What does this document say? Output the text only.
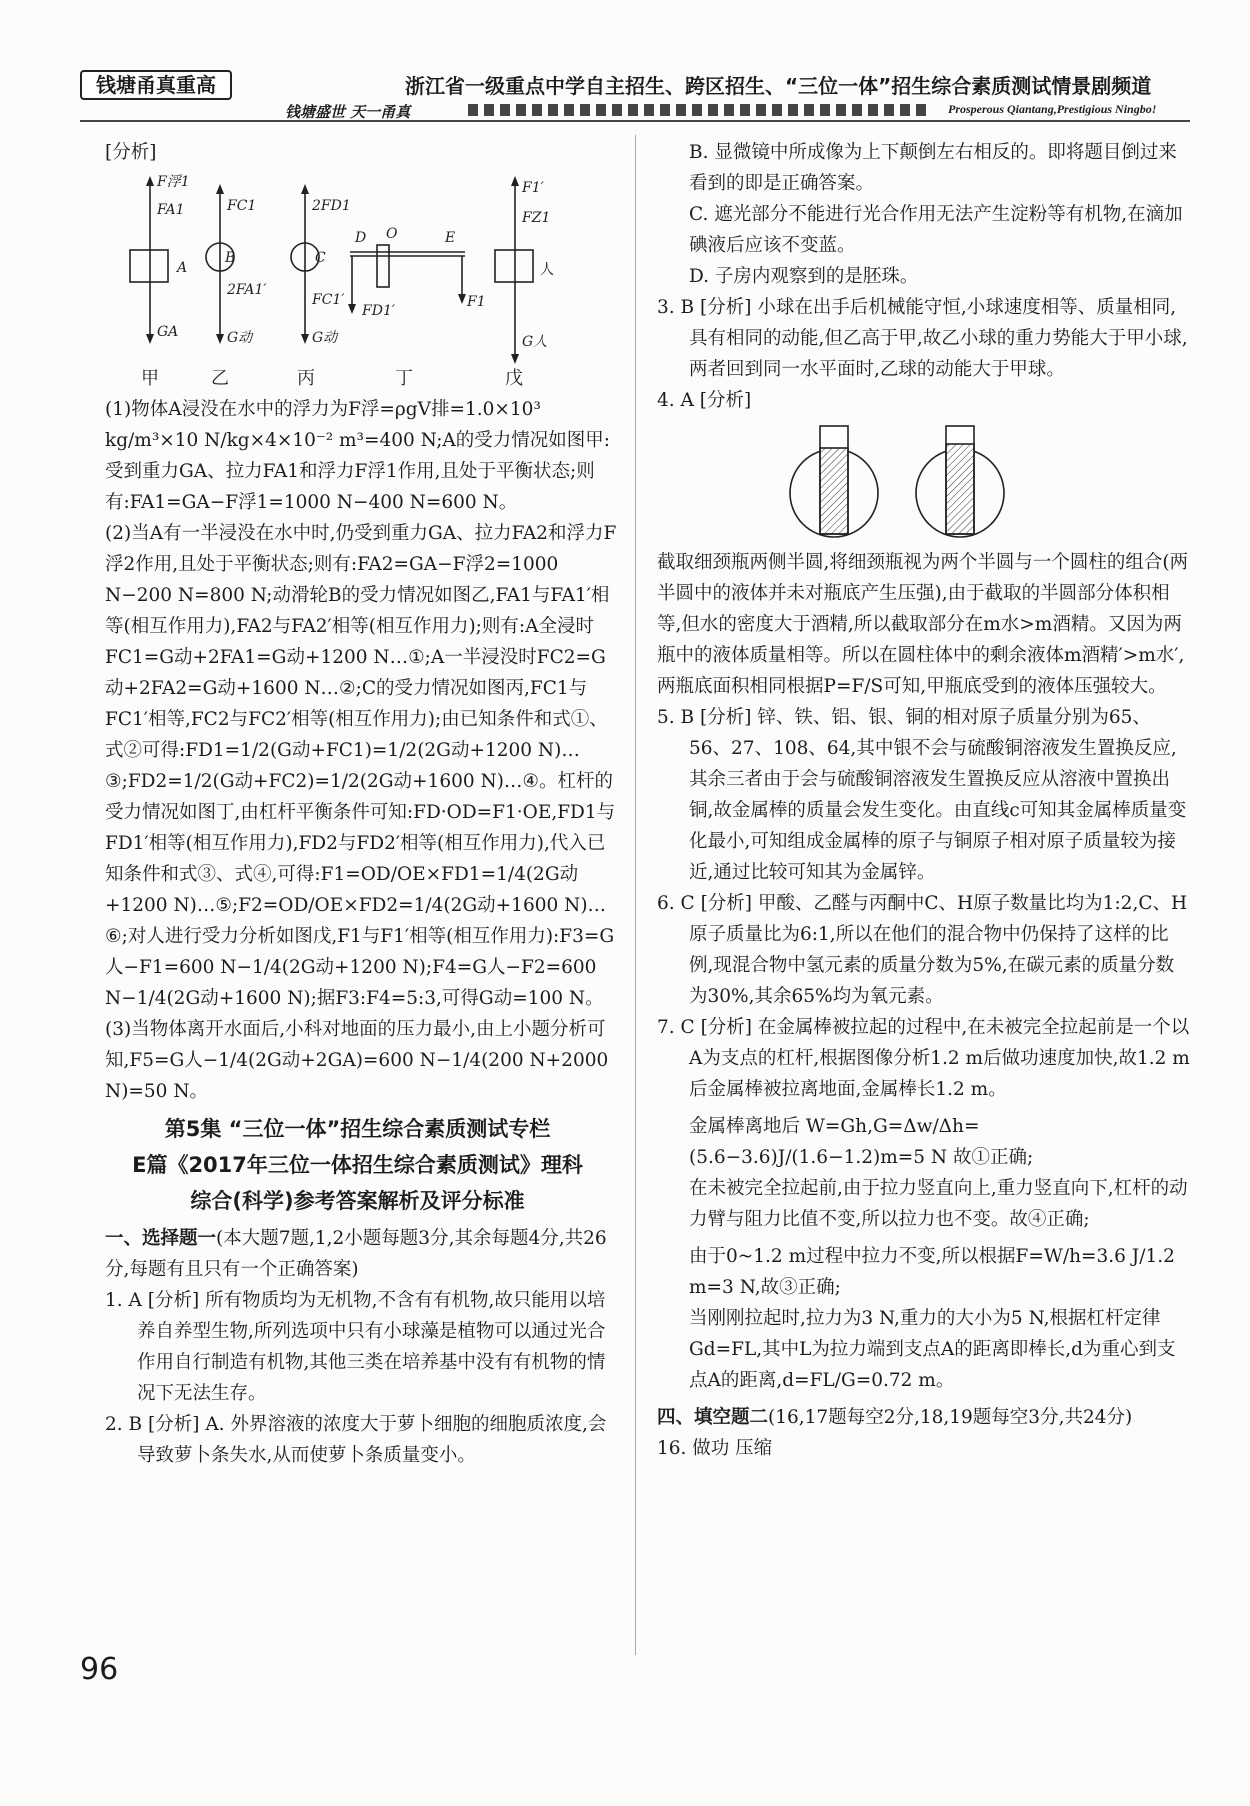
钱塘甬真重高	浙江省一级重点中学自主招生、跨区招生、“三位一体”招生综合素质测试情景剧频道
钱塘盛世 天一甬真	Prosperous Qiantang,Prestigious Ningbo!

[分析]

F浮1
FA1
A
GA
FC1
B
2FA1′
G动
2FD1
C
FC1′
G动
D O	E
FD1′
F1
F1′
FZ1
人
G人
甲	乙	丙	丁	戊

(1)物体A浸没在水中的浮力为F浮=ρgV排=1.0×10³ kg/m³×10 N/kg×4×10⁻² m³=400 N;A的受力情况如图甲:受到重力GA、拉力FA1和浮力F浮1作用,且处于平衡状态;则有:FA1=GA−F浮1=1000 N−400 N=600 N。

(2)当A有一半浸没在水中时,仍受到重力GA、拉力FA2和浮力F浮2作用,且处于平衡状态;则有:FA2=GA−F浮2=1000 N−200 N=800 N;动滑轮B的受力情况如图乙,FA1与FA1′相等(相互作用力),FA2与FA2′相等(相互作用力);则有:A全浸时FC1=G动+2FA1=G动+1200 N…①;A一半浸没时FC2=G动+2FA2=G动+1600 N…②;C的受力情况如图丙,FC1与FC1′相等,FC2与FC2′相等(相互作用力);由已知条件和式①、式②可得:FD1=1/2(G动+FC1)=1/2(2G动+1200 N)…③;FD2=1/2(G动+FC2)=1/2(2G动+1600 N)…④。杠杆的受力情况如图丁,由杠杆平衡条件可知:FD·OD=F1·OE,FD1与FD1′相等(相互作用力),FD2与FD2′相等(相互作用力),代入已知条件和式③、式④,可得:F1=OD/OE×FD1=1/4(2G动+1200 N)…⑤;F2=OD/OE×FD2=1/4(2G动+1600 N)…⑥;对人进行受力分析如图戊,F1与F1′相等(相互作用力):F3=G人−F1=600 N−1/4(2G动+1200 N);F4=G人−F2=600 N−1/4(2G动+1600 N);据F3:F4=5:3,可得G动=100 N。

(3)当物体离开水面后,小科对地面的压力最小,由上小题分析可知,F5=G人−1/4(2G动+2GA)=600 N−1/4(200 N+2000 N)=50 N。

第5集 “三位一体”招生综合素质测试专栏
E篇《2017年三位一体招生综合素质测试》理科
综合(科学)参考答案解析及评分标准

一、选择题一(本大题7题,1,2小题每题3分,其余每题4分,共26分,每题有且只有一个正确答案)

1. A [分析] 所有物质均为无机物,不含有有机物,故只能用以培养自养型生物,所列选项中只有小球藻是植物可以通过光合作用自行制造有机物,其他三类在培养基中没有有机物的情况下无法生存。

2. B [分析] A. 外界溶液的浓度大于萝卜细胞的细胞质浓度,会导致萝卜条失水,从而使萝卜条质量变小。

B. 显微镜中所成像为上下颠倒左右相反的。即将题目倒过来看到的即是正确答案。

C. 遮光部分不能进行光合作用无法产生淀粉等有机物,在滴加碘液后应该不变蓝。

D. 子房内观察到的是胚珠。

3. B [分析] 小球在出手后机械能守恒,小球速度相等、质量相同,具有相同的动能,但乙高于甲,故乙小球的重力势能大于甲小球,两者回到同一水平面时,乙球的动能大于甲球。

4. A [分析]

截取细颈瓶两侧半圆,将细颈瓶视为两个半圆与一个圆柱的组合(两半圆中的液体并未对瓶底产生压强),由于截取的半圆部分体积相等,但水的密度大于酒精,所以截取部分在m水>m酒精。又因为两瓶中的液体质量相等。所以在圆柱体中的剩余液体m酒精′>m水′,两瓶底面积相同根据P=F/S可知,甲瓶底受到的液体压强较大。

5. B [分析] 锌、铁、铝、银、铜的相对原子质量分别为65、56、27、108、64,其中银不会与硫酸铜溶液发生置换反应,其余三者由于会与硫酸铜溶液发生置换反应从溶液中置换出铜,故金属棒的质量会发生变化。由直线c可知其金属棒质量变化最小,可知组成金属棒的原子与铜原子相对原子质量较为接近,通过比较可知其为金属锌。

6. C [分析] 甲酸、乙醛与丙酮中C、H原子数量比均为1:2,C、H原子质量比为6:1,所以在他们的混合物中仍保持了这样的比例,现混合物中氢元素的质量分数为5%,在碳元素的质量分数为30%,其余65%均为氧元素。

7. C [分析] 在金属棒被拉起的过程中,在未被完全拉起前是一个以A为支点的杠杆,根据图像分析1.2 m后做功速度加快,故1.2 m后金属棒被拉离地面,金属棒长1.2 m。

金属棒离地后 W=Gh,G=Δw/Δh=(5.6−3.6)J/(1.6−1.2)m=5 N 故①正确;

在未被完全拉起前,由于拉力竖直向上,重力竖直向下,杠杆的动力臂与阻力比值不变,所以拉力也不变。故④正确;

由于0~1.2 m过程中拉力不变,所以根据F=W/h=3.6 J/1.2 m=3 N,故③正确;

当刚刚拉起时,拉力为3 N,重力的大小为5 N,根据杠杆定律Gd=FL,其中L为拉力端到支点A的距离即棒长,d为重心到支点A的距离,d=FL/G=0.72 m。

四、填空题二(16,17题每空2分,18,19题每空3分,共24分)

16. 做功 压缩

96
